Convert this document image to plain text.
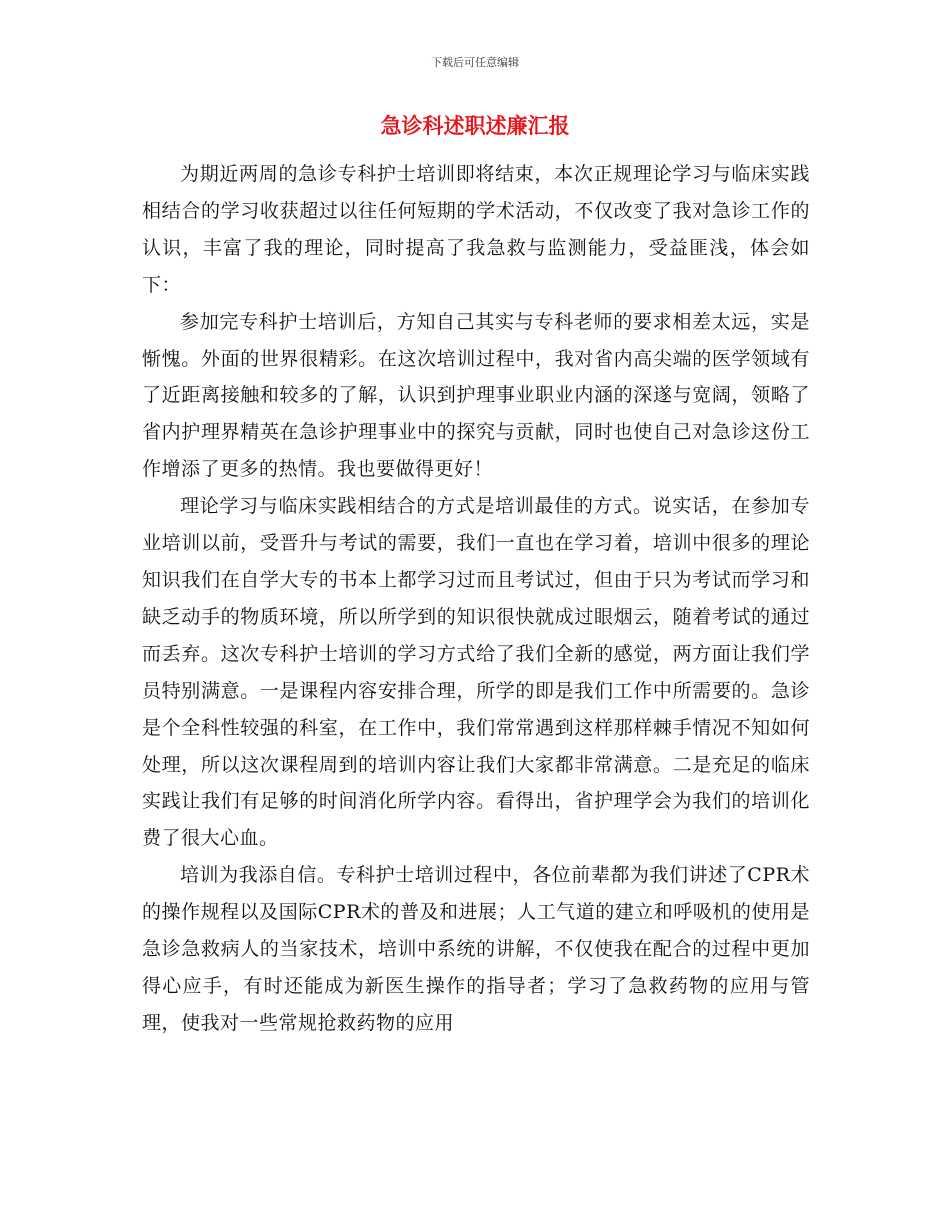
下载后可任意编辑
急诊科述职述廉汇报

为期近两周的急诊专科护士培训即将结束，本次正规理论学习与临床实践相结合的学习收获超过以往任何短期的学术活动，不仅改变了我对急诊工作的认识，丰富了我的理论，同时提高了我急救与监测能力，受益匪浅，体会如下：

参加完专科护士培训后，方知自己其实与专科老师的要求相差太远，实是惭愧。外面的世界很精彩。在这次培训过程中，我对省内高尖端的医学领域有了近距离接触和较多的了解，认识到护理事业职业内涵的深遂与宽阔，领略了省内护理界精英在急诊护理事业中的探究与贡献，同时也使自己对急诊这份工作增添了更多的热情。我也要做得更好！

理论学习与临床实践相结合的方式是培训最佳的方式。说实话，在参加专业培训以前，受晋升与考试的需要，我们一直也在学习着，培训中很多的理论知识我们在自学大专的书本上都学习过而且考试过，但由于只为考试而学习和缺乏动手的物质环境，所以所学到的知识很快就成过眼烟云，随着考试的通过而丢弃。这次专科护士培训的学习方式给了我们全新的感觉，两方面让我们学员特别满意。一是课程内容安排合理，所学的即是我们工作中所需要的。急诊是个全科性较强的科室，在工作中，我们常常遇到这样那样棘手情况不知如何处理，所以这次课程周到的培训内容让我们大家都非常满意。二是充足的临床实践让我们有足够的时间消化所学内容。看得出，省护理学会为我们的培训化费了很大心血。

培训为我添自信。专科护士培训过程中，各位前辈都为我们讲述了CPR术的操作规程以及国际CPR术的普及和进展；人工气道的建立和呼吸机的使用是急诊急救病人的当家技术，培训中系统的讲解，不仅使我在配合的过程中更加得心应手，有时还能成为新医生操作的指导者；学习了急救药物的应用与管理，使我对一些常规抢救药物的应用
